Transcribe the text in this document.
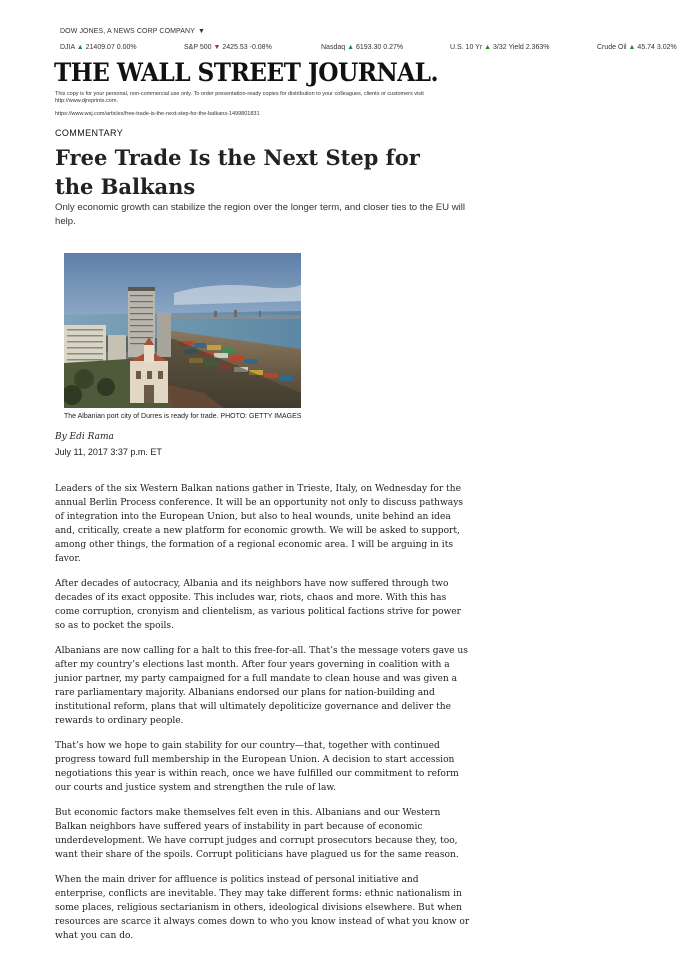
DOW JONES, A NEWS CORP COMPANY ▼
DJIA ▲ 21409.07 0.00%	S&P 500 ▼ 2425.53 -0.08%	Nasdaq ▲ 6193.30 0.27%	U.S. 10 Yr ▲ 3/32 Yield 2.363%	Crude Oil ▲ 45.74 3.02%
THE WALL STREET JOURNAL.
This copy is for your personal, non-commercial use only. To order presentation-ready copies for distribution to your colleagues, clients or customers visit http://www.djreprints.com.
https://www.wsj.com/articles/free-trade-is-the-next-step-for-the-balkans-1499801831
COMMENTARY
Free Trade Is the Next Step for the Balkans

Only economic growth can stabilize the region over the longer term, and closer ties to the EU will help.

The Albanian port city of Durres is ready for trade. PHOTO: GETTY IMAGES
By Edi Rama
July 11, 2017 3:37 p.m. ET

Leaders of the six Western Balkan nations gather in Trieste, Italy, on Wednesday for the annual Berlin Process conference. It will be an opportunity not only to discuss pathways of integration into the European Union, but also to heal wounds, unite behind an idea and, critically, create a new platform for economic growth. We will be asked to support, among other things, the formation of a regional economic area. I will be arguing in its favor.

After decades of autocracy, Albania and its neighbors have now suffered through two decades of its exact opposite. This includes war, riots, chaos and more. With this has come corruption, cronyism and clientelism, as various political factions strive for power so as to pocket the spoils.

Albanians are now calling for a halt to this free-for-all. That’s the message voters gave us after my country’s elections last month. After four years governing in coalition with a junior partner, my party campaigned for a full mandate to clean house and was given a rare parliamentary majority. Albanians endorsed our plans for nation-building and institutional reform, plans that will ultimately depoliticize governance and deliver the rewards to ordinary people.

That’s how we hope to gain stability for our country—that, together with continued progress toward full membership in the European Union. A decision to start accession negotiations this year is within reach, once we have fulfilled our commitment to reform our courts and justice system and strengthen the rule of law.

But economic factors make themselves felt even in this. Albanians and our Western Balkan neighbors have suffered years of instability in part because of economic underdevelopment. We have corrupt judges and corrupt prosecutors because they, too, want their share of the spoils. Corrupt politicians have plagued us for the same reason.

When the main driver for affluence is politics instead of personal initiative and enterprise, conflicts are inevitable. They may take different forms: ethnic nationalism in some places, religious sectarianism in others, ideological divisions elsewhere. But when resources are scarce it always comes down to who you know instead of what you know or what you can do.
